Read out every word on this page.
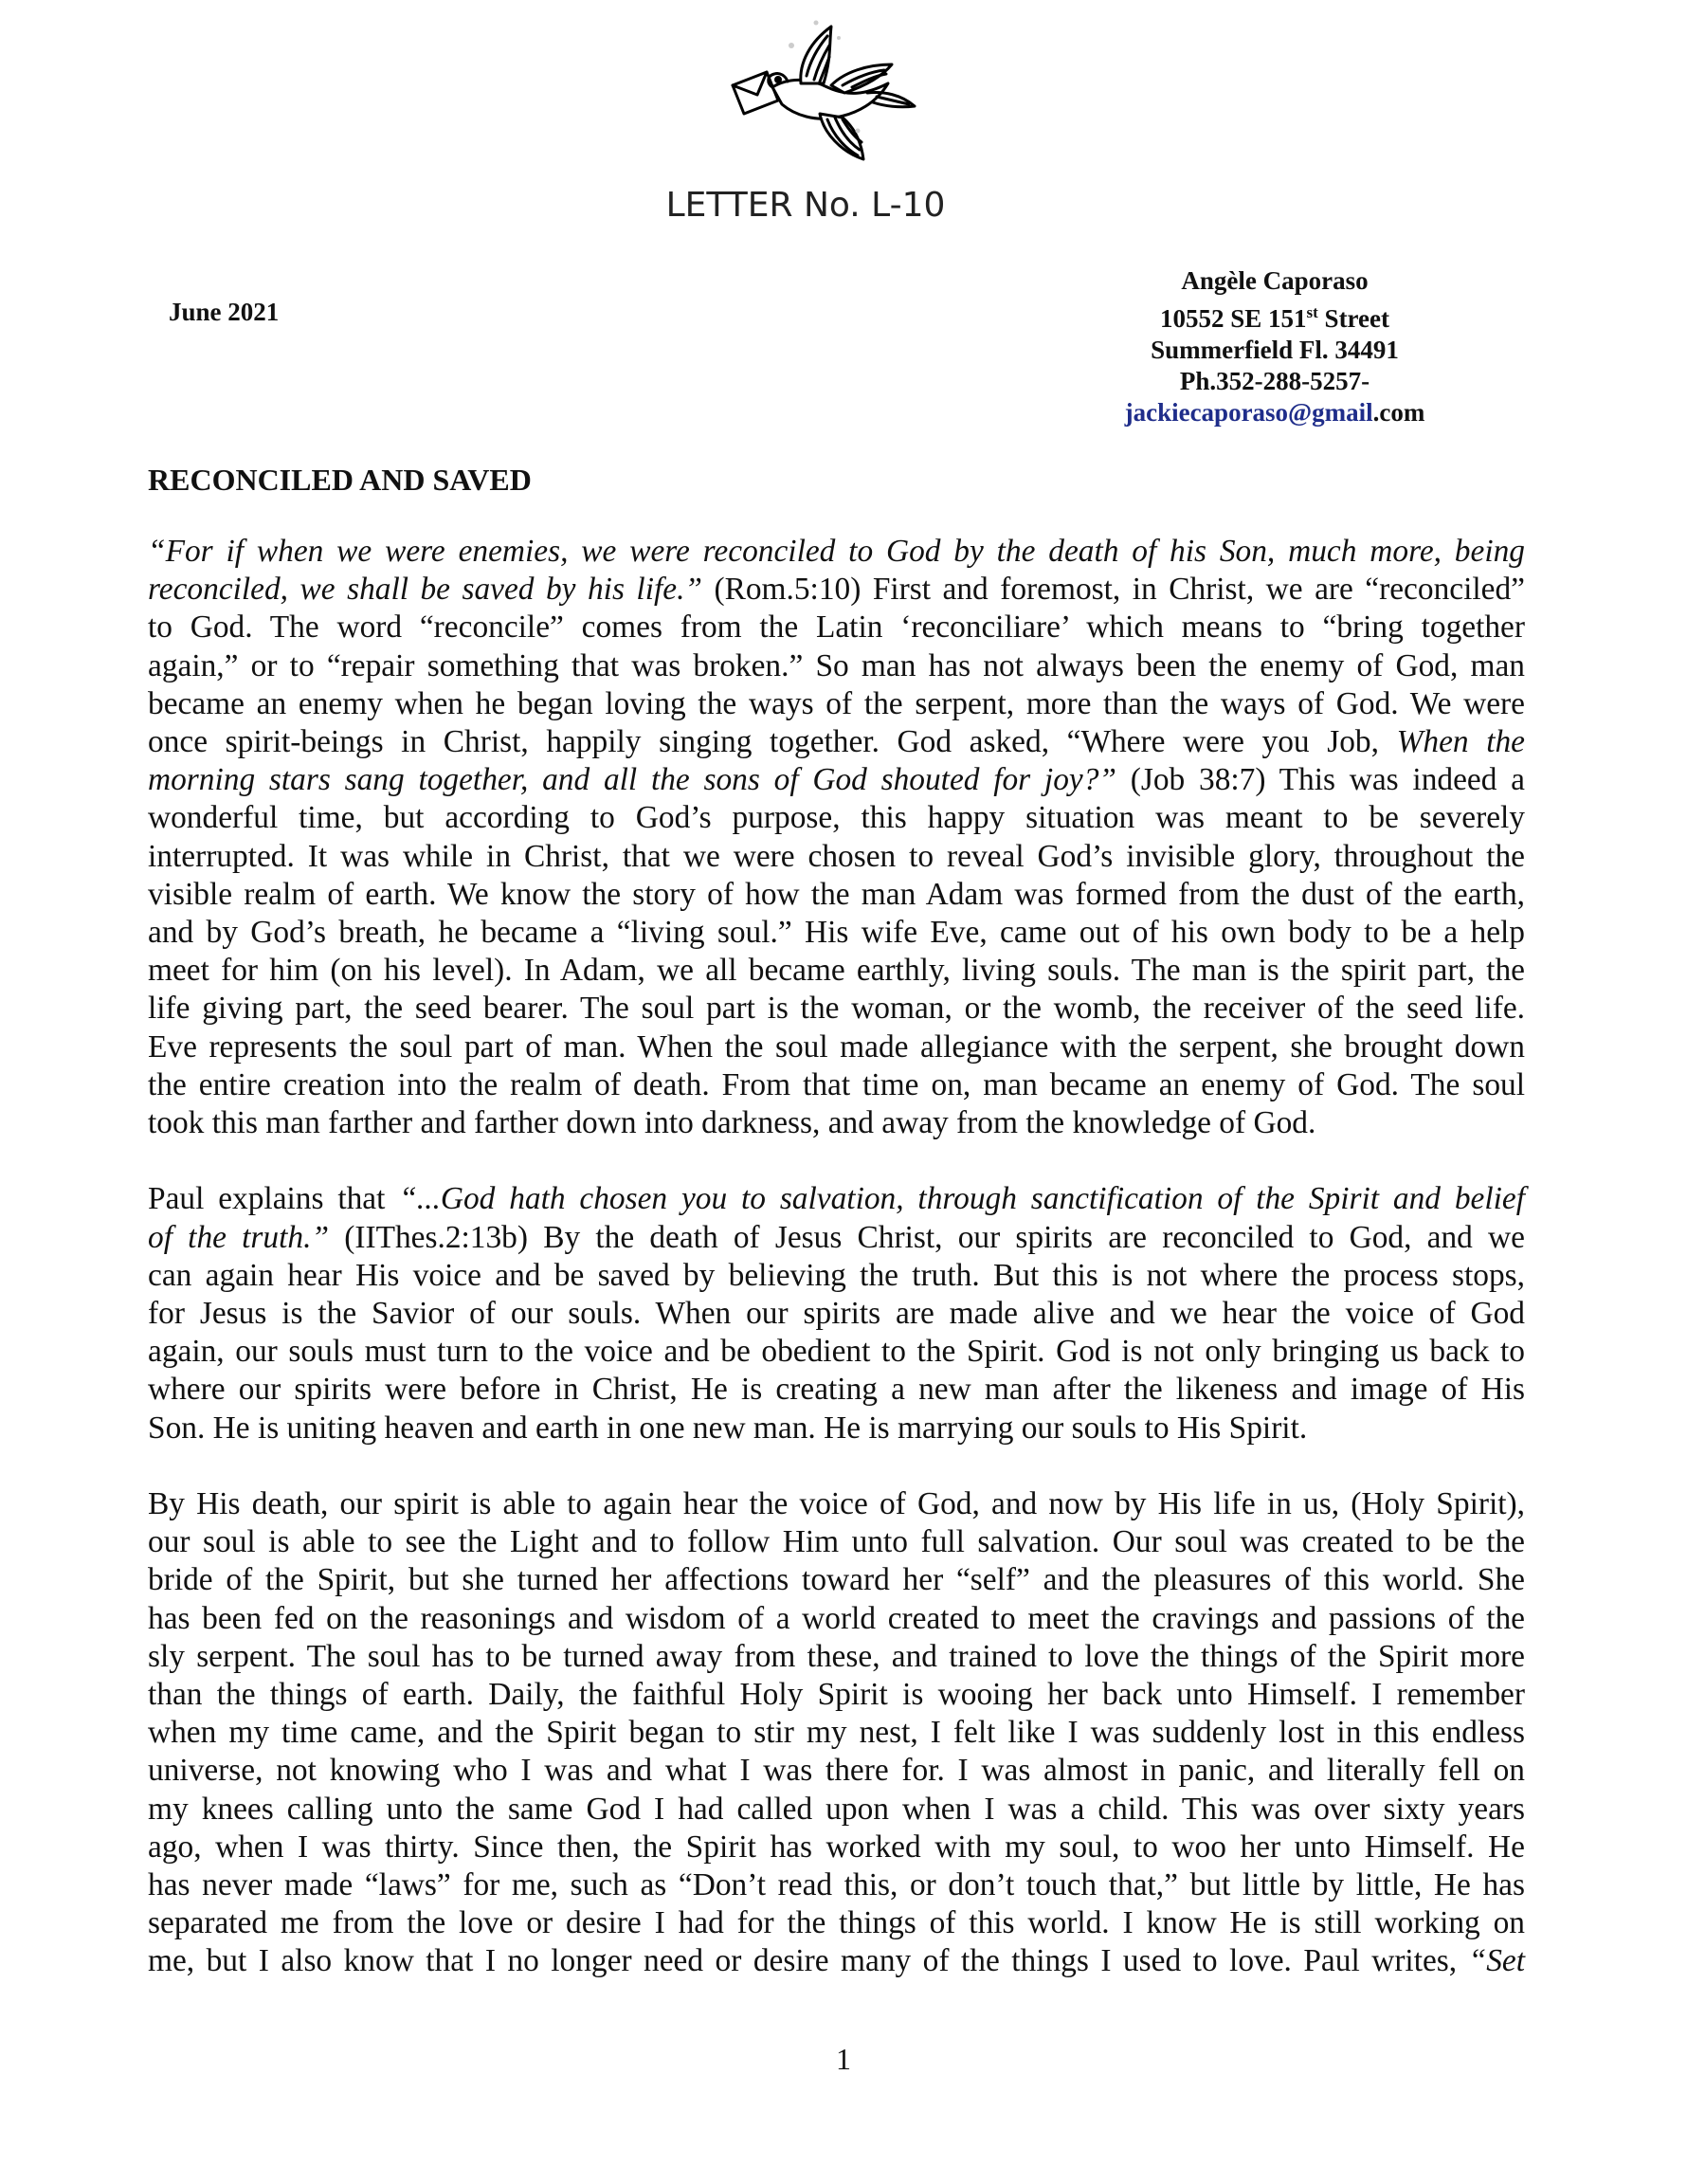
LETTER No. L-10
June 2021
Angèle Caporaso
10552 SE 151st Street
Summerfield Fl. 34491
Ph.352-288-5257-
jackiecaporaso@gmail.com
RECONCILED AND SAVED
“For if when we were enemies, we were reconciled to God by the death of his Son, much more, being
reconciled, we shall be saved by his life.” (Rom.5:10) First and foremost, in Christ, we are “reconciled”
to God. The word “reconcile” comes from the Latin ‘reconciliare’ which means to “bring together
again,” or to “repair something that was broken.” So man has not always been the enemy of God, man
became an enemy when he began loving the ways of the serpent, more than the ways of God. We were
once spirit-beings in Christ, happily singing together. God asked, “Where were you Job, When the
morning stars sang together, and all the sons of God shouted for joy?” (Job 38:7) This was indeed a
wonderful time, but according to God’s purpose, this happy situation was meant to be severely
interrupted. It was while in Christ, that we were chosen to reveal God’s invisible glory, throughout the
visible realm of earth. We know the story of how the man Adam was formed from the dust of the earth,
and by God’s breath, he became a “living soul.” His wife Eve, came out of his own body to be a help
meet for him (on his level). In Adam, we all became earthly, living souls. The man is the spirit part, the
life giving part, the seed bearer. The soul part is the woman, or the womb, the receiver of the seed life.
Eve represents the soul part of man. When the soul made allegiance with the serpent, she brought down
the entire creation into the realm of death. From that time on, man became an enemy of God. The soul
took this man farther and farther down into darkness, and away from the knowledge of God.
Paul explains that “...God hath chosen you to salvation, through sanctification of the Spirit and belief
of the truth.” (IIThes.2:13b) By the death of Jesus Christ, our spirits are reconciled to God, and we
can again hear His voice and be saved by believing the truth. But this is not where the process stops,
for Jesus is the Savior of our souls. When our spirits are made alive and we hear the voice of God
again, our souls must turn to the voice and be obedient to the Spirit. God is not only bringing us back to
where our spirits were before in Christ, He is creating a new man after the likeness and image of His
Son. He is uniting heaven and earth in one new man. He is marrying our souls to His Spirit.
By His death, our spirit is able to again hear the voice of God, and now by His life in us, (Holy Spirit),
our soul is able to see the Light and to follow Him unto full salvation. Our soul was created to be the
bride of the Spirit, but she turned her affections toward her “self” and the pleasures of this world. She
has been fed on the reasonings and wisdom of a world created to meet the cravings and passions of the
sly serpent. The soul has to be turned away from these, and trained to love the things of the Spirit more
than the things of earth. Daily, the faithful Holy Spirit is wooing her back unto Himself. I remember
when my time came, and the Spirit began to stir my nest, I felt like I was suddenly lost in this endless
universe, not knowing who I was and what I was there for. I was almost in panic, and literally fell on
my knees calling unto the same God I had called upon when I was a child. This was over sixty years
ago, when I was thirty. Since then, the Spirit has worked with my soul, to woo her unto Himself. He
has never made “laws” for me, such as “Don’t read this, or don’t touch that,” but little by little, He has
separated me from the love or desire I had for the things of this world. I know He is still working on
me, but I also know that I no longer need or desire many of the things I used to love. Paul writes, “Set
1
